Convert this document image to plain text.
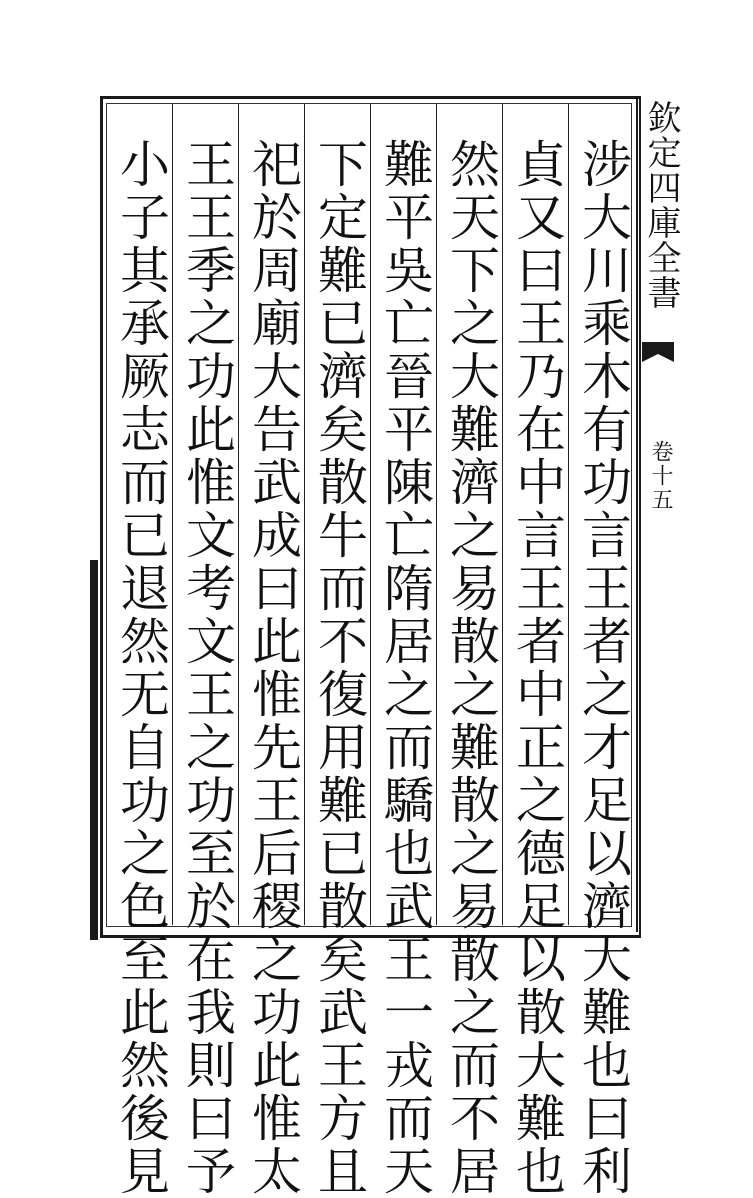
涉大川乘木有功言王者之才足以濟大難也曰利
貞又曰王乃在中言王者中正之德足以散大難也
然天下之大難濟之易散之難散之易散之而不居
難平吳亡晉平陳亡隋居之而驕也武王一戎而天
下定難已濟矣散牛而不復用難已散矣武王方且
祀於周廟大告武成曰此惟先王后稷之功此惟太
王王季之功此惟文考文王之功至於在我則曰予
小子其承厥志而已退然无自功之色至此然後見	欽定四庫全書
卷十五
